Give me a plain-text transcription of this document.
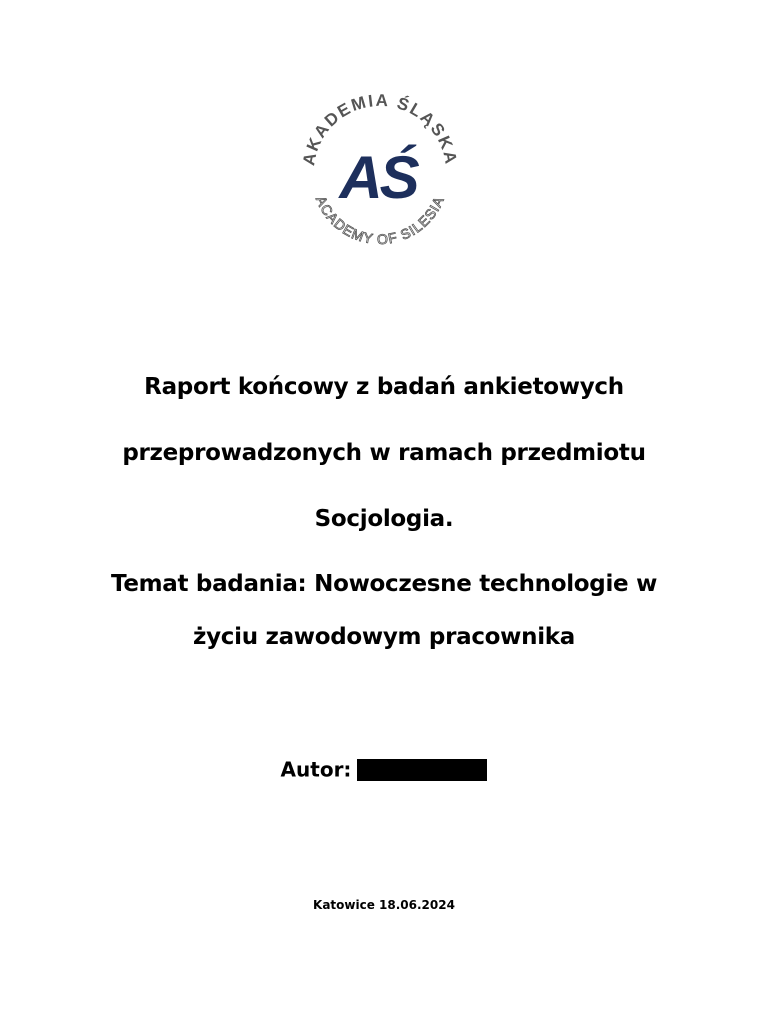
AKADEMIA ŚLĄSKA
ACADEMY OF SILESIA
AŚ
Raport końcowy z badań ankietowych
przeprowadzonych w ramach przedmiotu
Socjologia.
Temat badania: Nowoczesne technologie w
życiu zawodowym pracownika
Autor:
Katowice 18.06.2024
